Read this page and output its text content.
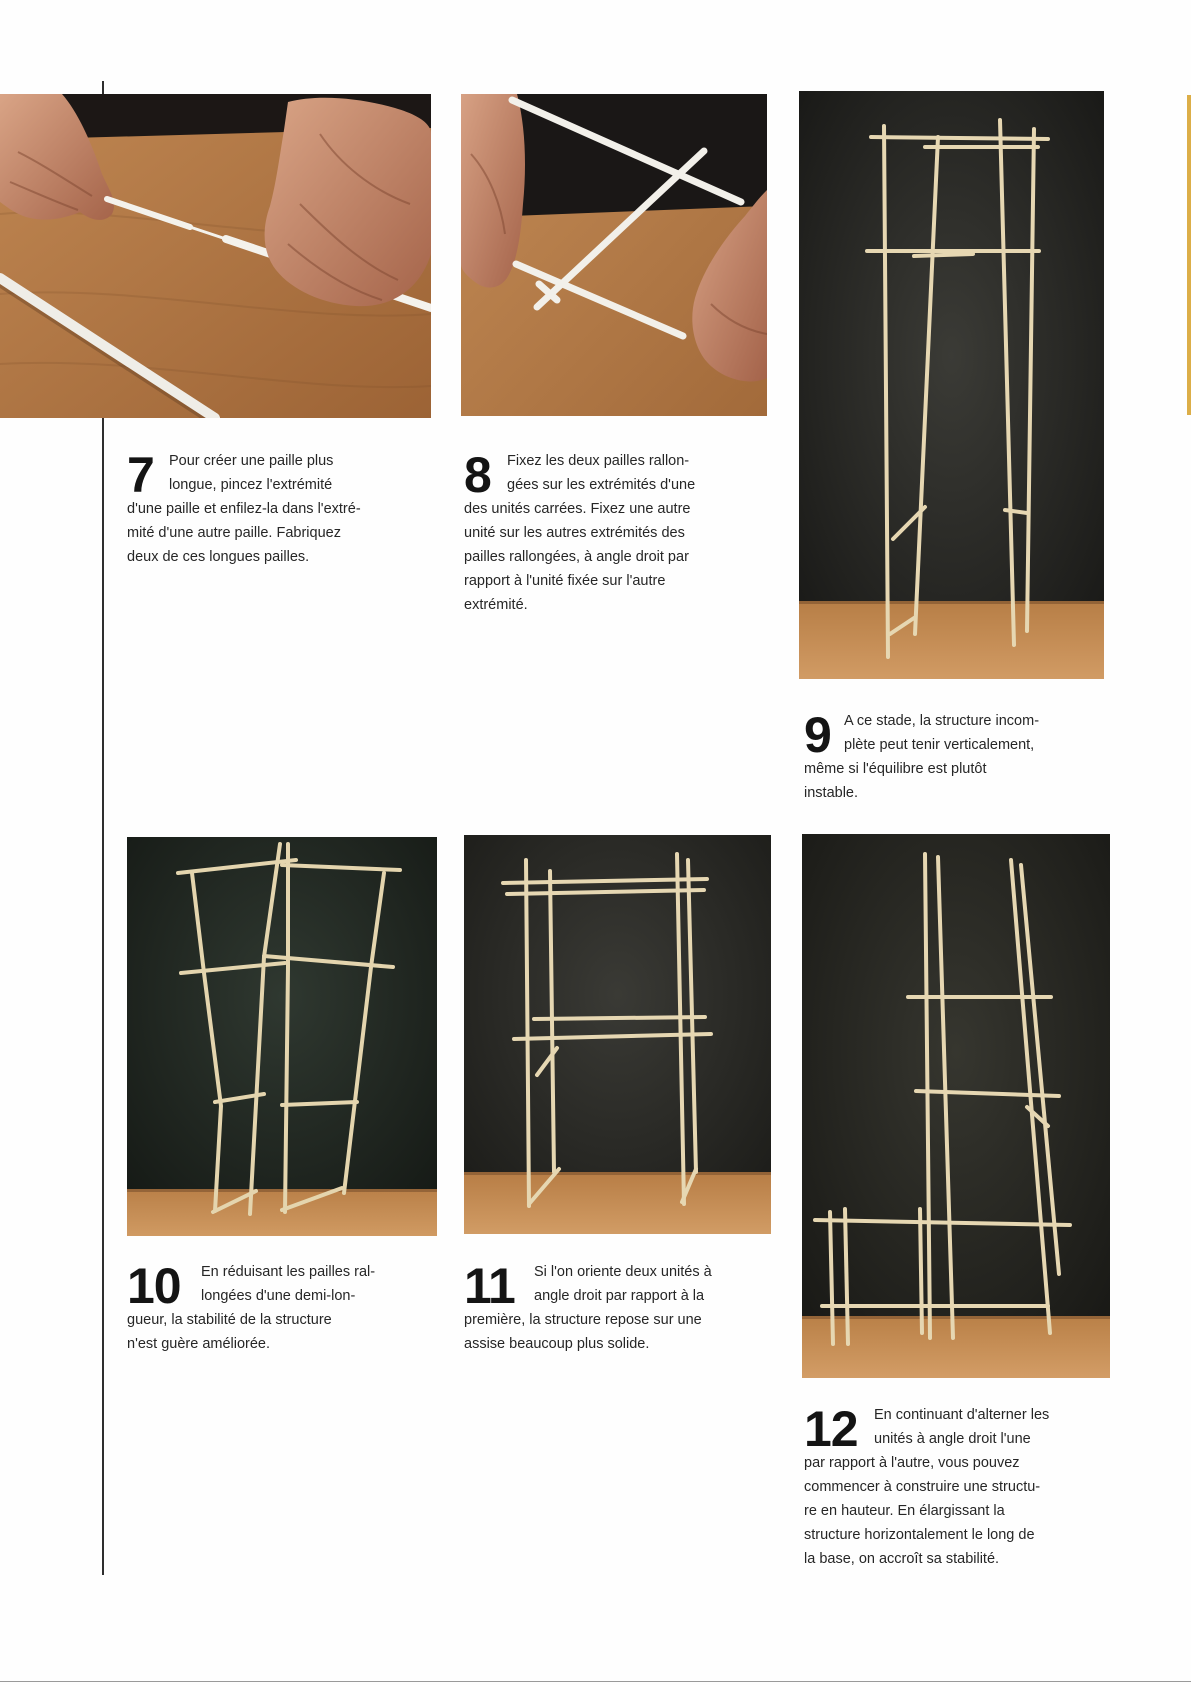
7	Pour créer une paille plus
longue, pincez l'extrémité
d'une paille et enfilez-la dans l'extré-
mité d'une autre paille. Fabriquez
deux de ces longues pailles.
8	Fixez les deux pailles rallon-
gées sur les extrémités d'une
des unités carrées. Fixez une autre
unité sur les autres extrémités des
pailles rallongées, à angle droit par
rapport à l'unité fixée sur l'autre
extrémité.
9 A ce stade, la structure incom-
plète peut tenir verticalement,
même si l'équilibre est plutôt
instable.
10	En réduisant les pailles ral-
longées d'une demi-lon-
gueur, la stabilité de la structure
n'est guère améliorée.
11	Si l'on oriente deux unités à
angle droit par rapport à la
première, la structure repose sur une
assise beaucoup plus solide.
12	En continuant d'alterner les
unités à angle droit l'une
par rapport à l'autre, vous pouvez
commencer à construire une structu-
re en hauteur. En élargissant la
structure horizontalement le long de
la base, on accroît sa stabilité.
